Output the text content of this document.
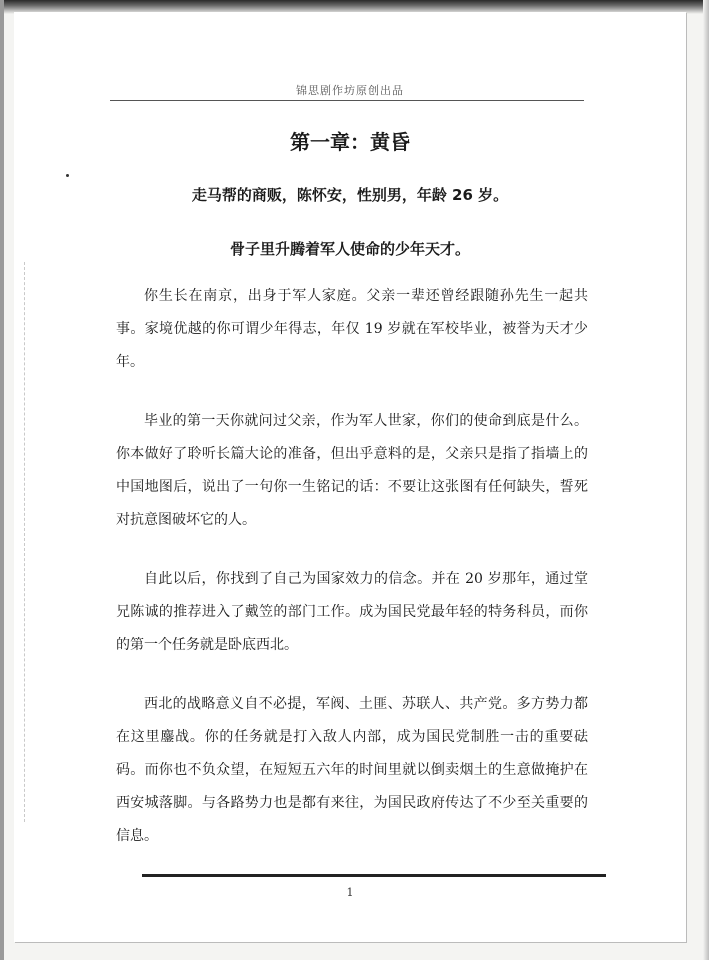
锦思剧作坊原创出品
第一章：黄昏
走马帮的商贩，陈怀安，性别男，年龄 26 岁。
骨子里升腾着军人使命的少年天才。

你生长在南京，出身于军人家庭。父亲一辈还曾经跟随孙先生一起共事。家境优越的你可谓少年得志，年仅 19 岁就在军校毕业，被誉为天才少年。

毕业的第一天你就问过父亲，作为军人世家，你们的使命到底是什么。你本做好了聆听长篇大论的准备，但出乎意料的是，父亲只是指了指墙上的中国地图后，说出了一句你一生铭记的话：不要让这张图有任何缺失，誓死对抗意图破坏它的人。

自此以后，你找到了自己为国家效力的信念。并在 20 岁那年，通过堂兄陈诚的推荐进入了戴笠的部门工作。成为国民党最年轻的特务科员，而你的第一个任务就是卧底西北。

西北的战略意义自不必提，军阀、土匪、苏联人、共产党。多方势力都在这里鏖战。你的任务就是打入敌人内部，成为国民党制胜一击的重要砝码。而你也不负众望，在短短五六年的时间里就以倒卖烟土的生意做掩护在西安城落脚。与各路势力也是都有来往，为国民政府传达了不少至关重要的信息。

1
